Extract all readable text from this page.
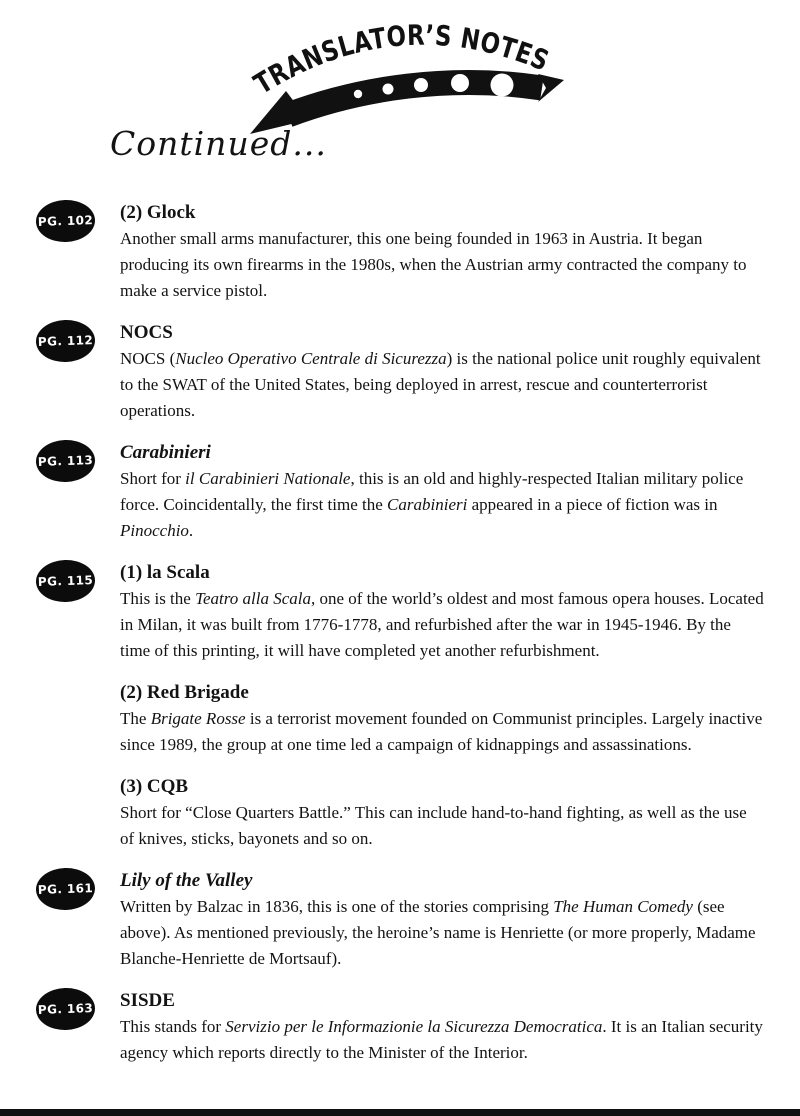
TRANSLATOR’S NOTES
Continued...
PG. 102 (2) Glock

Another small arms manufacturer, this one being founded in 1963 in Austria. It began producing its own firearms in the 1980s, when the Austrian army contracted the company to make a service pistol.

PG. 112 NOCS

NOCS (Nucleo Operativo Centrale di Sicurezza) is the national police unit roughly equivalent to the SWAT of the United States, being deployed in arrest, rescue and counterterrorist operations.

PG. 113 Carabinieri

Short for il Carabinieri Nationale, this is an old and highly-respected Italian military police force. Coincidentally, the first time the Carabinieri appeared in a piece of fiction was in Pinocchio.

PG. 115 (1) la Scala

This is the Teatro alla Scala, one of the world’s oldest and most famous opera houses. Located in Milan, it was built from 1776-1778, and refurbished after the war in 1945-1946. By the time of this printing, it will have completed yet another refurbishment.

(2) Red Brigade

The Brigate Rosse is a terrorist movement founded on Communist principles. Largely inactive since 1989, the group at one time led a campaign of kidnappings and assassinations.

(3) CQB

Short for “Close Quarters Battle.” This can include hand-to-hand fighting, as well as the use of knives, sticks, bayonets and so on.

PG. 161 Lily of the Valley

Written by Balzac in 1836, this is one of the stories comprising The Human Comedy (see above). As mentioned previously, the heroine’s name is Henriette (or more properly, Madame Blanche-Henriette de Mortsauf).

PG. 163 SISDE

This stands for Servizio per le Informazionie la Sicurezza Democratica. It is an Italian security agency which reports directly to the Minister of the Interior.
